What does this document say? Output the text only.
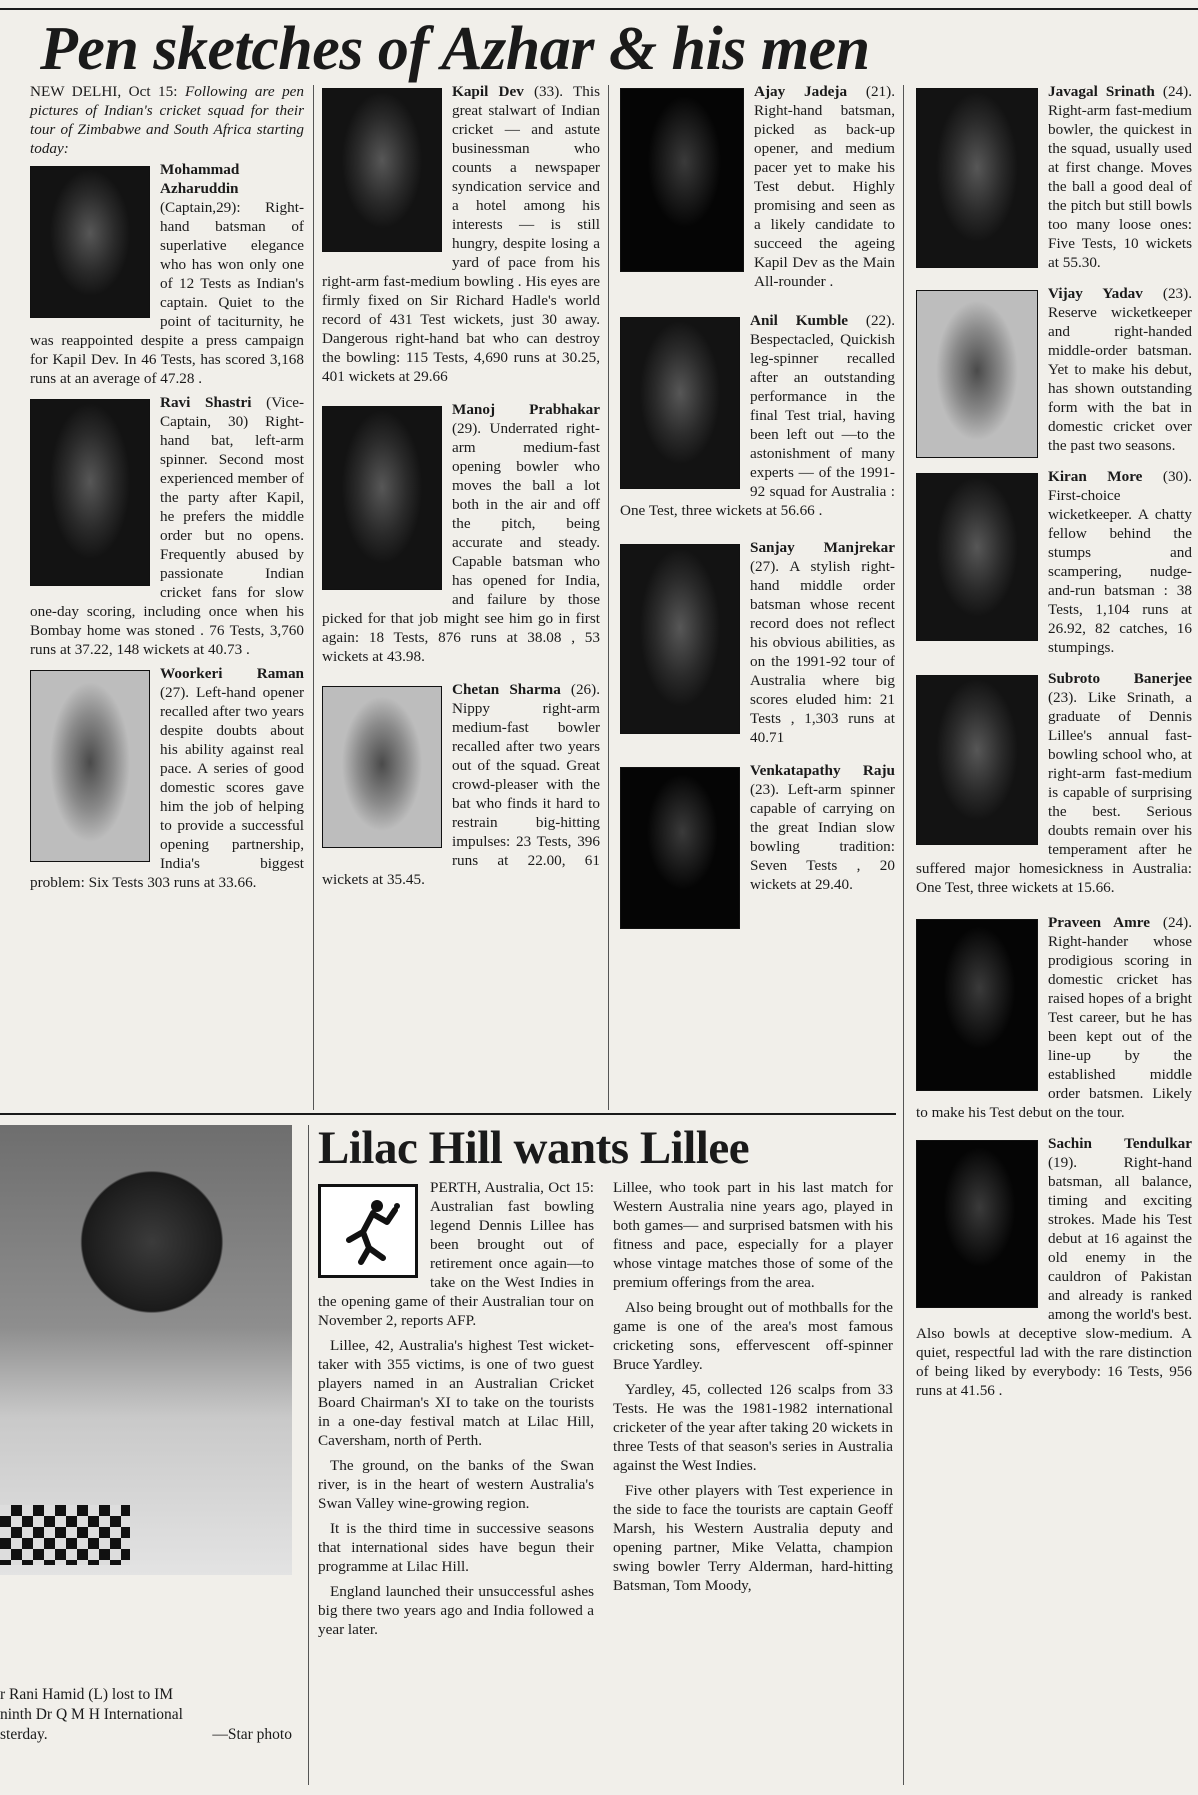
Pen sketches of Azhar & his men

NEW DELHI, Oct 15: Following are pen pictures of Indian's cricket squad for their tour of Zimbabwe and South Africa starting today:

Mohammad Azharuddin (Captain,29): Right-hand batsman of superlative elegance who has won only one of 12 Tests as Indian's captain. Quiet to the point of taciturnity, he was reappointed despite a press campaign for Kapil Dev. In 46 Tests, has scored 3,168 runs at an average of 47.28 .

Ravi Shastri (Vice- Captain, 30) Right-hand bat, left-arm spinner. Second most experienced member of the party after Kapil, he prefers the middle order but no opens. Frequently abused by passionate Indian cricket fans for slow one-day scoring, including once when his Bombay home was stoned . 76 Tests, 3,760 runs at 37.22, 148 wickets at 40.73 .

Woorkeri Raman (27). Left-hand opener recalled after two years despite doubts about his ability against real pace. A series of good domestic scores gave him the job of helping to provide a successful opening partnership, India's biggest problem: Six Tests 303 runs at 33.66.

Kapil Dev (33). This great stalwart of Indian cricket — and astute businessman who counts a newspaper syndication service and a hotel among his interests — is still hungry, despite losing a yard of pace from his right-arm fast-medium bowling . His eyes are firmly fixed on Sir Richard Hadle's world record of 431 Test wickets, just 30 away. Dangerous right-hand bat who can destroy the bowling: 115 Tests, 4,690 runs at 30.25, 401 wickets at 29.66

Manoj Prabhakar (29). Underrated right-arm medium-fast opening bowler who moves the ball a lot both in the air and off the pitch, being accurate and steady. Capable batsman who has opened for India, and failure by those picked for that job might see him go in first again: 18 Tests, 876 runs at 38.08 , 53 wickets at 43.98.

Chetan Sharma (26). Nippy right-arm medium-fast bowler recalled after two years out of the squad. Great crowd-pleaser with the bat who finds it hard to restrain big-hitting impulses: 23 Tests, 396 runs at 22.00, 61 wickets at 35.45.

Ajay Jadeja (21). Right-hand batsman, picked as back-up opener, and medium pacer yet to make his Test debut. Highly promising and seen as a likely candidate to succeed the ageing Kapil Dev as the Main All-rounder .

Anil Kumble (22). Bespectacled, Quickish leg-spinner recalled after an outstanding performance in the final Test trial, having been left out —to the astonishment of many experts — of the 1991-92 squad for Australia : One Test, three wickets at 56.66 .

Sanjay Manjrekar (27). A stylish right-hand middle order batsman whose recent record does not reflect his obvious abilities, as on the 1991-92 tour of Australia where big scores eluded him: 21 Tests , 1,303 runs at 40.71

Venkatapathy Raju (23). Left-arm spinner capable of carrying on the great Indian slow bowling tradition: Seven Tests , 20 wickets at 29.40.

Javagal Srinath (24). Right-arm fast-medium bowler, the quickest in the squad, usually used at first change. Moves the ball a good deal of the pitch but still bowls too many loose ones: Five Tests, 10 wickets at 55.30.

Vijay Yadav (23). Reserve wicketkeeper and right-handed middle-order batsman. Yet to make his debut, has shown outstanding form with the bat in domestic cricket over the past two seasons.

Kiran More (30). First-choice wicketkeeper. A chatty fellow behind the stumps and scampering, nudge-and-run batsman : 38 Tests, 1,104 runs at 26.92, 82 catches, 16 stumpings.

Subroto Banerjee (23). Like Srinath, a graduate of Dennis Lillee's annual fast-bowling school who, at right-arm fast-medium is capable of surprising the best. Serious doubts remain over his temperament after he suffered major homesickness in Australia: One Test, three wickets at 15.66.

Praveen Amre (24). Right-hander whose prodigious scoring in domestic cricket has raised hopes of a bright Test career, but he has been kept out of the line-up by the established middle order batsmen. Likely to make his Test debut on the tour.

Sachin Tendulkar (19). Right-hand batsman, all balance, timing and exciting strokes. Made his Test debut at 16 against the old enemy in the cauldron of Pakistan and already is ranked among the world's best. Also bowls at deceptive slow-medium. A quiet, respectful lad with the rare distinction of being liked by everybody: 16 Tests, 956 runs at 41.56 .

r Rani Hamid (L) lost to IM
ninth Dr Q M H International
sterday.	—Star photo

Lilac Hill wants Lillee

PERTH, Australia, Oct 15: Australian fast bowling legend Dennis Lillee has been brought out of retirement once again—to take on the West Indies in the opening game of their Australian tour on November 2, reports AFP.

Lillee, 42, Australia's highest Test wicket-taker with 355 victims, is one of two guest players named in an Australian Cricket Board Chairman's XI to take on the tourists in a one-day festival match at Lilac Hill, Caversham, north of Perth.

The ground, on the banks of the Swan river, is in the heart of western Australia's Swan Valley wine-growing region.

It is the third time in successive seasons that international sides have begun their programme at Lilac Hill.

England launched their unsuccessful ashes big there two years ago and India followed a year later.

Lillee, who took part in his last match for Western Australia nine years ago, played in both games— and surprised batsmen with his fitness and pace, especially for a player whose vintage matches those of some of the premium offerings from the area.

Also being brought out of mothballs for the game is one of the area's most famous cricketing sons, effervescent off-spinner Bruce Yardley.

Yardley, 45, collected 126 scalps from 33 Tests. He was the 1981-1982 international cricketer of the year after taking 20 wickets in three Tests of that season's series in Australia against the West Indies.

Five other players with Test experience in the side to face the tourists are captain Geoff Marsh, his Western Australia deputy and opening partner, Mike Velatta, champion swing bowler Terry Alderman, hard-hitting Batsman, Tom Moody,
